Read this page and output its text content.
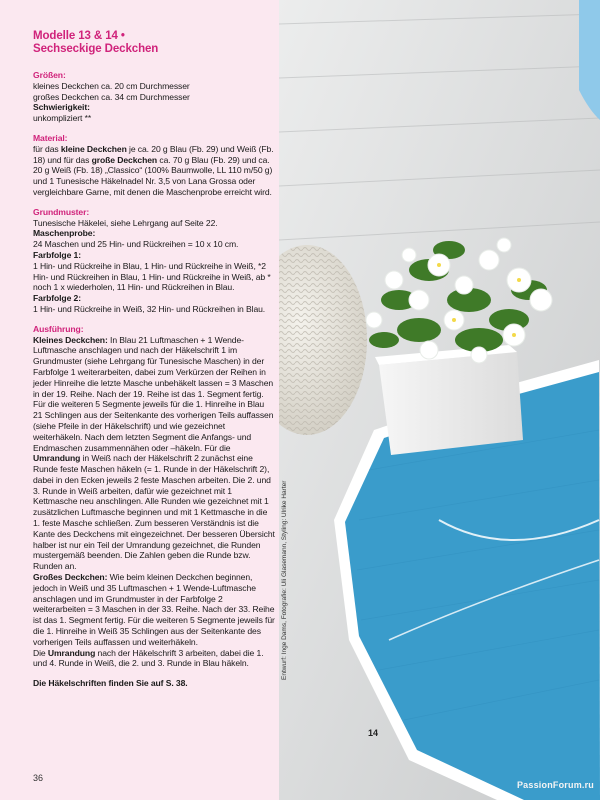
Modelle 13 & 14 •
Sechseckige Deckchen
Größen:
kleines Deckchen ca. 20 cm Durchmesser
großes Deckchen ca. 34 cm Durchmesser
Schwierigkeit:
unkompliziert **
Material:

für das kleine Deckchen je ca. 20 g Blau (Fb. 29) und Weiß (Fb. 18) und für das große Deckchen ca. 70 g Blau (Fb. 29) und ca. 20 g Weiß (Fb. 18) „Classico“ (100% Baumwolle, LL 110 m/50 g) und 1 Tunesische Häkelnadel Nr. 3,5 von Lana Grossa oder vergleichbare Garne, mit denen die Maschenprobe erreicht wird.

Grundmuster:
Tunesische Häkelei, siehe Lehrgang auf Seite 22.
Maschenprobe:
24 Maschen und 25 Hin- und Rückreihen = 10 x 10 cm.
Farbfolge 1:
1 Hin- und Rückreihe in Blau, 1 Hin- und Rückreihe in Weiß, *2 Hin- und Rückreihen in Blau, 1 Hin- und Rückreihe in Weiß, ab * noch 1 x wiederholen, 11 Hin- und Rückreihen in Blau.
Farbfolge 2:
1 Hin- und Rückreihe in Weiß, 32 Hin- und Rückreihen in Blau.
Ausführung:

Kleines Deckchen: In Blau 21 Luftmaschen + 1 Wende-Luftmasche anschlagen und nach der Häkelschrift 1 im Grundmuster (siehe Lehrgang für Tunesische Maschen) in der Farbfolge 1 weiterarbeiten, dabei zum Verkürzen der Reihen in jeder Hinreihe die letzte Masche unbehäkelt lassen = 3 Maschen in der 19. Reihe. Nach der 19. Reihe ist das 1. Segment fertig. Für die weiteren 5 Segmente jeweils für die 1. Hinreihe in Blau 21 Schlingen aus der Seitenkante des vorherigen Teils auffassen (siehe Pfeile in der Häkelschrift) und wie gezeichnet weiterhäkeln. Nach dem letzten Segment die Anfangs- und Endmaschen zusammennähen oder –häkeln. Für die Umrandung in Weiß nach der Häkelschrift 2 zunächst eine Runde feste Maschen häkeln (= 1. Runde in der Häkelschrift 2), dabei in den Ecken jeweils 2 feste Maschen arbeiten. Die 2. und 3. Runde in Weiß arbeiten, dafür wie gezeichnet mit 1 Kettmasche neu anschlingen. Alle Runden wie gezeichnet mit 1 zusätzlichen Luftmasche beginnen und mit 1 Kettmasche in die 1. feste Masche schließen. Zum besseren Verständnis ist die Kante des Deckchens mit eingezeichnet. Der besseren Übersicht halber ist nur ein Teil der Umrandung gezeichnet, die Runden mustergemäß beenden. Die Zahlen geben die Runde bzw. Runden an.

Großes Deckchen: Wie beim kleinen Deckchen beginnen, jedoch in Weiß und 35 Luftmaschen + 1 Wende-Luftmasche anschlagen und im Grundmuster in der Farbfolge 2 weiterarbeiten = 3 Maschen in der 33. Reihe. Nach der 33. Reihe ist das 1. Segment fertig. Für die weiteren 5 Segmente jeweils für die 1. Hinreihe in Weiß 35 Schlingen aus der Seitenkante des vorherigen Teils auffassen und weiterhäkeln.

Die Umrandung nach der Häkelschrift 3 arbeiten, dabei die 1. und 4. Runde in Weiß, die 2. und 3. Runde in Blau häkeln.

Die Häkelschriften finden Sie auf S. 38.
36
Entwurf: Inge Dams, Fotografie: Uli Glasemann, Styling: Ulrike Harter
14
PassionForum.ru
